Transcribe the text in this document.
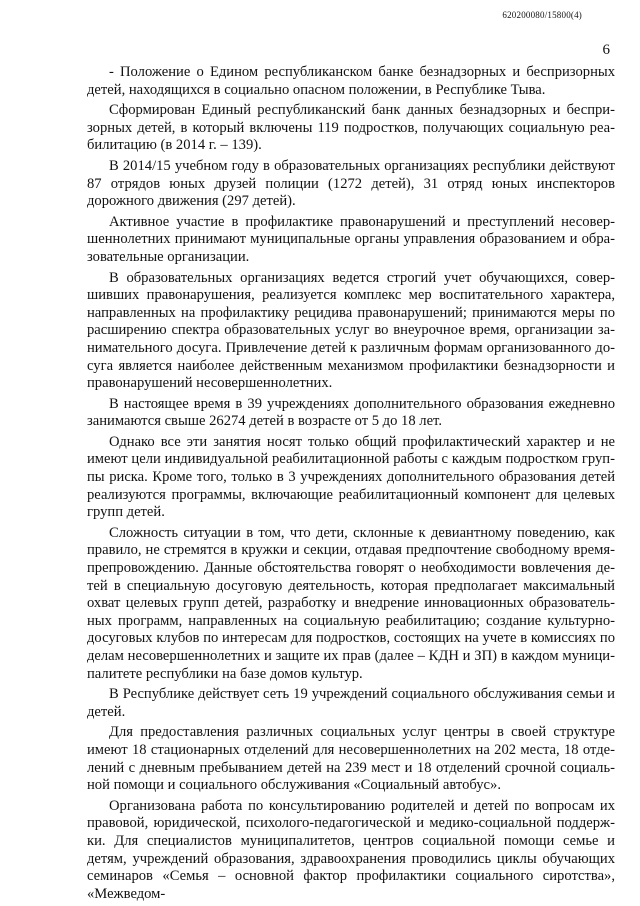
620200080/15800(4)
6

- Положение о Едином республиканском банке безнадзорных и беспризорных детей, находящихся в социально опасном положении, в Республике Тыва.

Сформирован Единый республиканский банк данных безнадзорных и беспризорных детей, в который включены 119 подростков, получающих социальную реабилитацию (в 2014 г. – 139).

В 2014/15 учебном году в образовательных организациях республики действуют 87 отрядов юных друзей полиции (1272 детей), 31 отряд юных инспекторов дорожного движения (297 детей).

Активное участие в профилактике правонарушений и преступлений несовершеннолетних принимают муниципальные органы управления образованием и образовательные организации.

В образовательных организациях ведется строгий учет обучающихся, совершивших правонарушения, реализуется комплекс мер воспитательного характера, направленных на профилактику рецидива правонарушений; принимаются меры по расширению спектра образовательных услуг во внеурочное время, организации занимательного досуга. Привлечение детей к различным формам организованного досуга является наиболее действенным механизмом профилактики безнадзорности и правонарушений несовершеннолетних.

В настоящее время в 39 учреждениях дополнительного образования ежедневно занимаются свыше 26274 детей в возрасте от 5 до 18 лет.

Однако все эти занятия носят только общий профилактический характер и не имеют цели индивидуальной реабилитационной работы с каждым подростком группы риска. Кроме того, только в 3 учреждениях дополнительного образования детей реализуются программы, включающие реабилитационный компонент для целевых групп детей.

Сложность ситуации в том, что дети, склонные к девиантному поведению, как правило, не стремятся в кружки и секции, отдавая предпочтение свободному времяпрепровождению. Данные обстоятельства говорят о необходимости вовлечения детей в специальную досуговую деятельность, которая предполагает максимальный охват целевых групп детей, разработку и внедрение инновационных образовательных программ, направленных на социальную реабилитацию; создание культурно-досуговых клубов по интересам для подростков, состоящих на учете в комиссиях по делам несовершеннолетних и защите их прав (далее – КДН и ЗП) в каждом муниципалитете республики на базе домов культур.

В Республике действует сеть 19 учреждений социального обслуживания семьи и детей.

Для предоставления различных социальных услуг центры в своей структуре имеют 18 стационарных отделений для несовершеннолетних на 202 места, 18 отделений с дневным пребыванием детей на 239 мест и 18 отделений срочной социальной помощи и социального обслуживания «Социальный автобус».

Организована работа по консультированию родителей и детей по вопросам их правовой, юридической, психолого-педагогической и медико-социальной поддержки. Для специалистов муниципалитетов, центров социальной помощи семье и детям, учреждений образования, здравоохранения проводились циклы обучающих семинаров «Семья – основной фактор профилактики социального сиротства», «Межведом-
